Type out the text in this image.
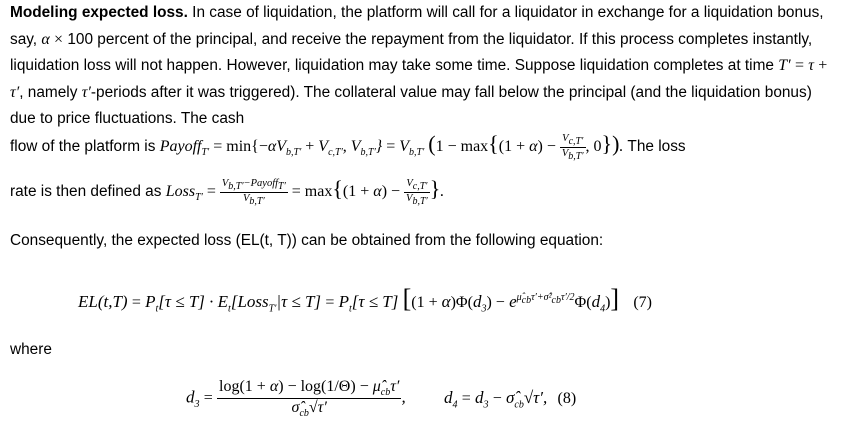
Modeling expected loss. In case of liquidation, the platform will call for a liquidator in exchange for a liquidation bonus, say, α × 100 percent of the principal, and receive the repayment from the liquidator. If this process completes instantly, liquidation loss will not happen. However, liquidation may take some time. Suppose liquidation completes at time T′ = τ + τ′, namely τ′-periods after it was triggered). The collateral value may fall below the principal (and the liquidation bonus) due to price fluctuations. The cash
flow of the platform is Payoff$_{T'}$ = $\min\{-\alpha V_{b,T'} + V_{c,T'}$, $V_{b,T'}\} = V_{b,T'}$ ($1 - \max\{(1 + \alpha) - \frac{V_{c,T'}}{V_{b,T'}}$ , 0}). The loss
rate is then defined as Loss$_{T'}$ = $\frac{V_{b,T'}-Payoff_{T'}}{V_{b,T'}} = \max\{(1 + \alpha) - \frac{V_{c,T'}}{V_{b,T'}}$ }.
Consequently, the expected loss (EL(t, T)) can be obtained from the following equation:
$EL(t,T) = P_t[\tau \le T]$ · $E_t[Loss_{T'}|\tau \le T] = P_t[\tau \le T] [(1 + \alpha)\Phi(d_3) - e^{\mû_{cb}\tau'+\sigmâ^2_{cb}\tau'/2}\Phi(d_4)]$ (7)
where
$d_3 = \frac{\log(1 + \alpha) - \log(1/\Theta) - \mû_{cb}\tau'}{\sigmâ_{cb}√\tau'}$ , $d_4 = d_3$ − $\sigmâ_{cb}√\tau'$, (8)
